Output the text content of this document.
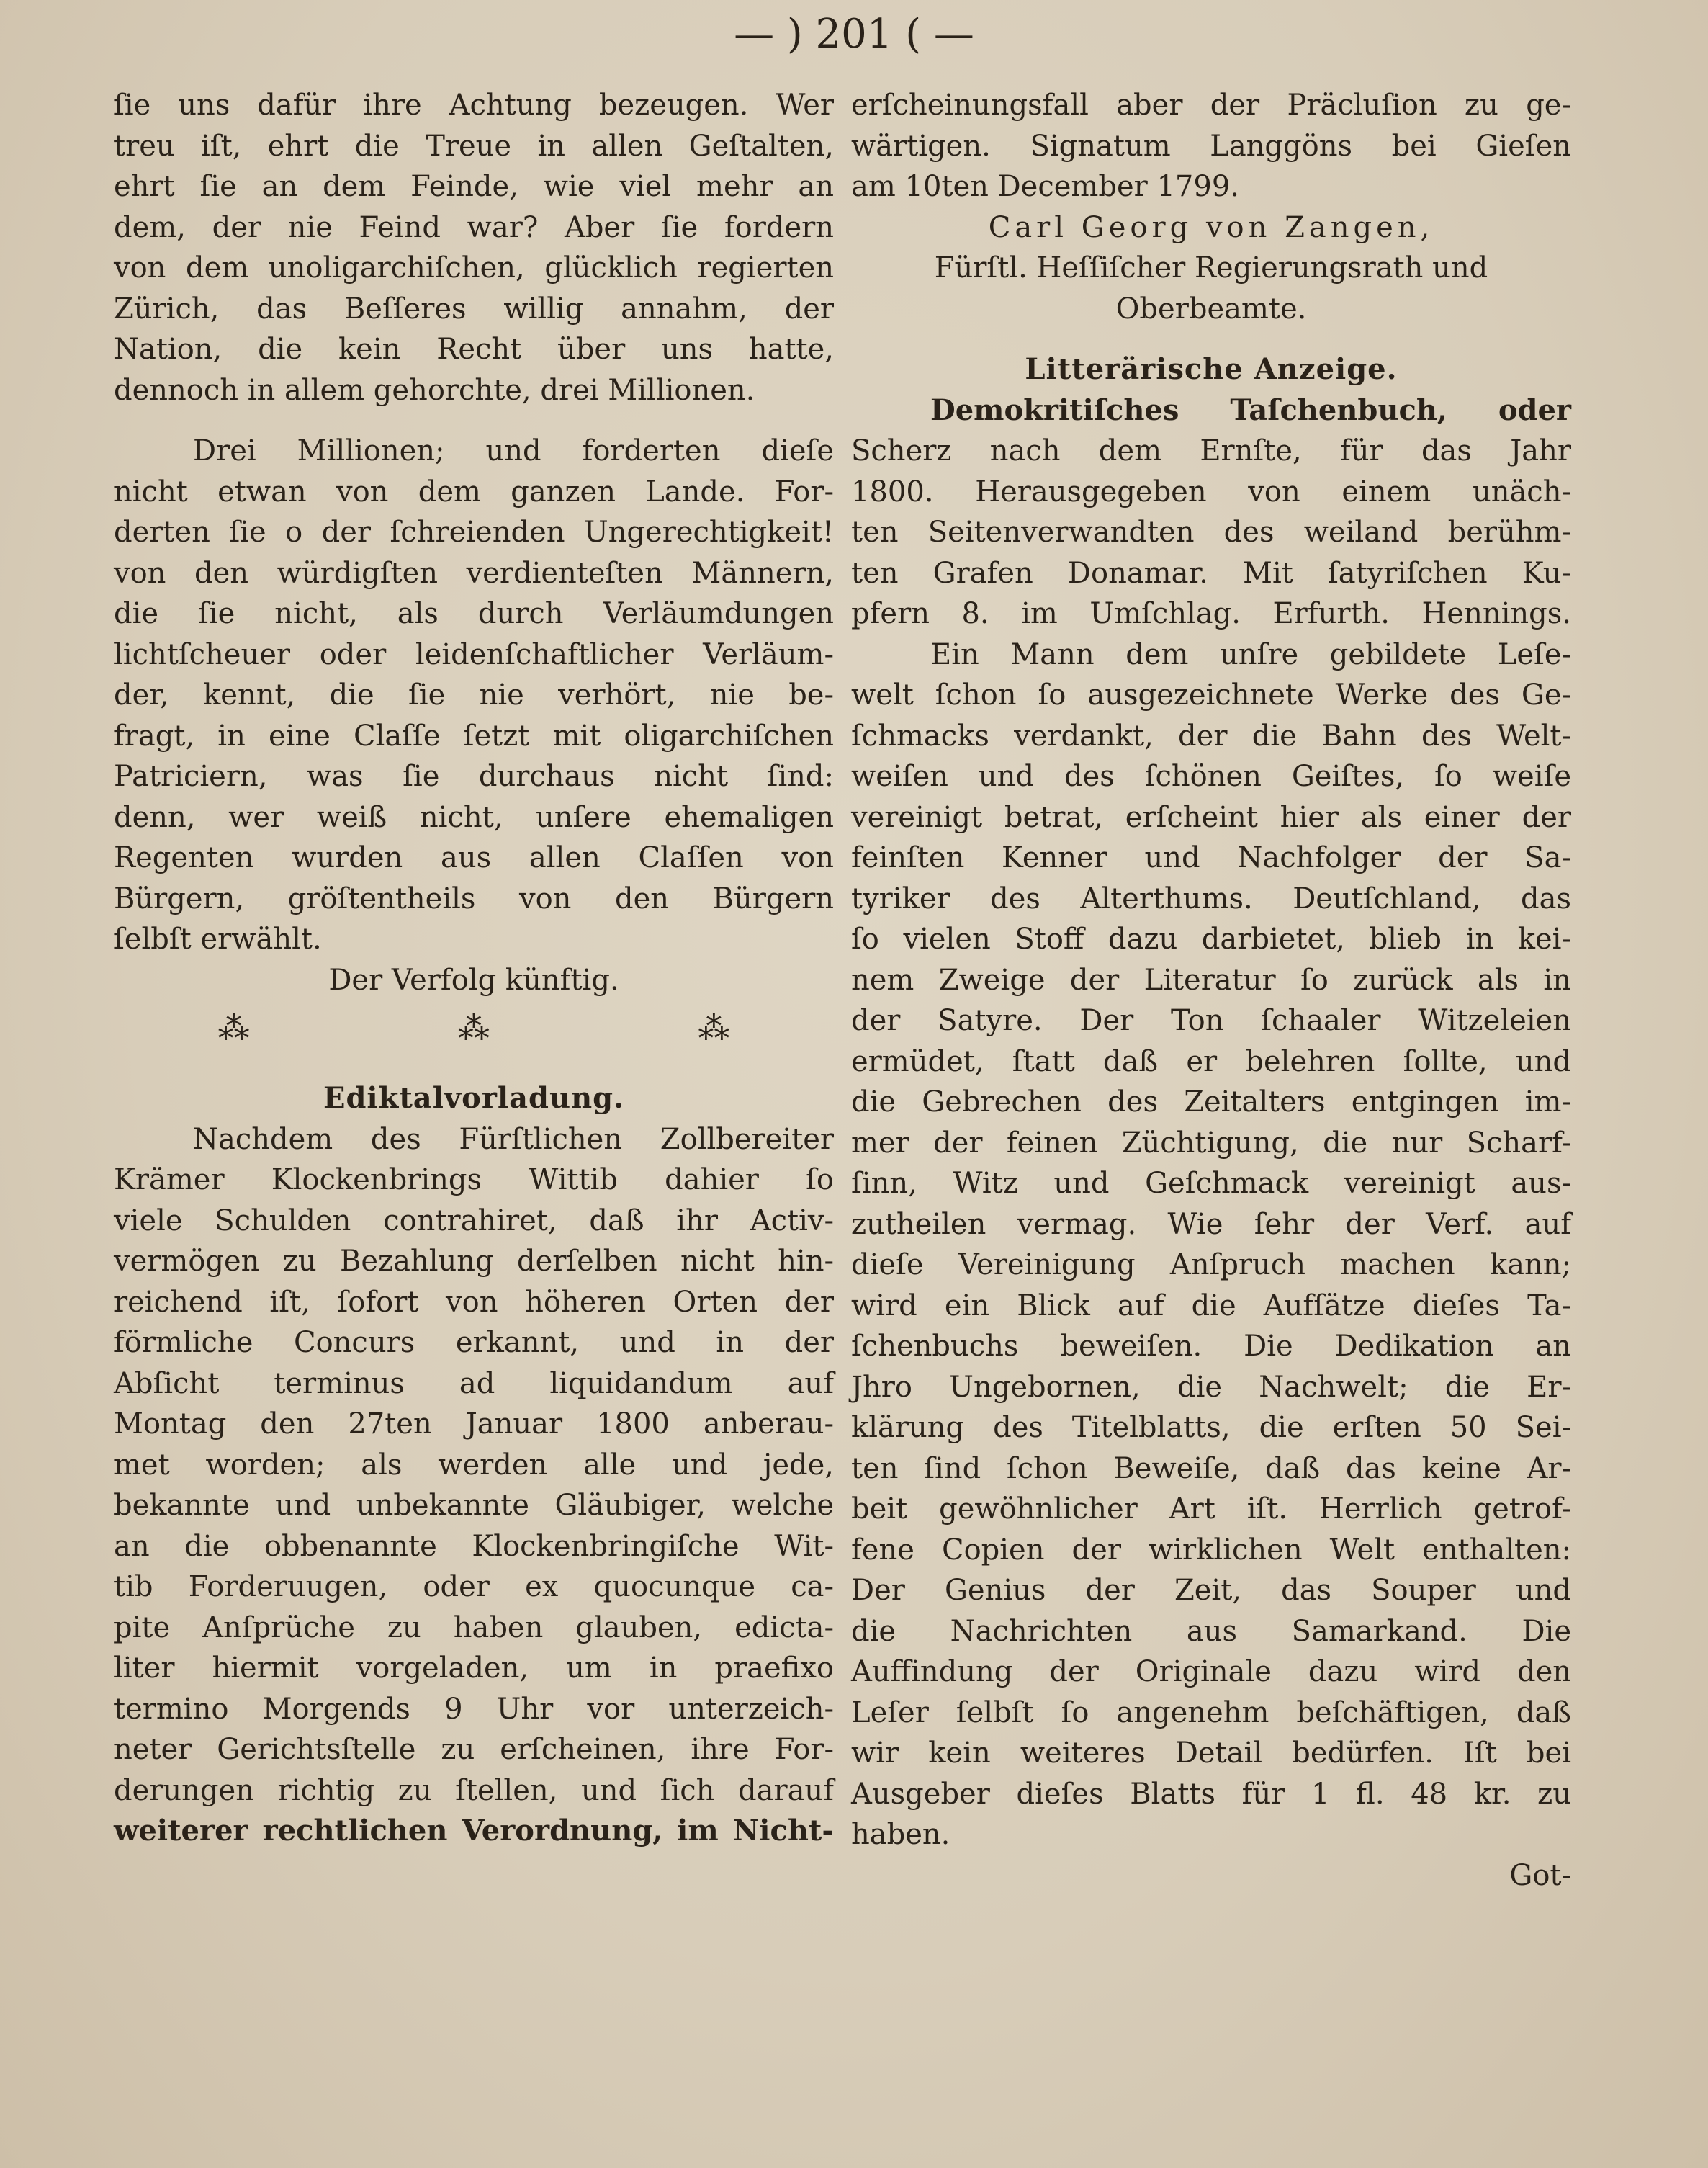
— ) 201 ( —
ſie uns dafür ihre Achtung bezeugen. Wer
treu iſt, ehrt die Treue in allen Geſtalten,
ehrt ſie an dem Feinde, wie viel mehr an
dem, der nie Feind war? Aber ſie fordern
von dem unoligarchiſchen, glücklich regierten
Zürich, das Beſſeres willig annahm, der
Nation, die kein Recht über uns hatte,
dennoch in allem gehorchte, drei Millionen.
Drei Millionen; und forderten dieſe
nicht etwan von dem ganzen Lande. For-
derten ſie o der ſchreienden Ungerechtigkeit!
von den würdigſten verdienteſten Männern,
die ſie nicht, als durch Verläumdungen
lichtſcheuer oder leidenſchaftlicher Verläum-
der, kennt, die ſie nie verhört, nie be-
fragt, in eine Claſſe ſetzt mit oligarchiſchen
Patriciern, was ſie durchaus nicht ſind:
denn, wer weiß nicht, unſere ehemaligen
Regenten wurden aus allen Claſſen von
Bürgern, gröſtentheils von den Bürgern
ſelbſt erwählt.
Der Verfolg künftig.
⁂	⁂	⁂
Ediktalvorladung.
Nachdem des Fürſtlichen Zollbereiter
Krämer Klockenbrings Wittib dahier ſo
viele Schulden contrahiret, daß ihr Activ-
vermögen zu Bezahlung derſelben nicht hin-
reichend iſt, ſofort von höheren Orten der
förmliche Concurs erkannt, und in der
Abſicht terminus ad liquidandum auf
Montag den 27ten Januar 1800 anberau-
met worden; als werden alle und jede,
bekannte und unbekannte Gläubiger, welche
an die obbenannte Klockenbringiſche Wit-
tib Forderuugen, oder ex quocunque ca-
pite Anſprüche zu haben glauben, edicta-
liter hiermit vorgeladen, um in praefixo
termino Morgends 9 Uhr vor unterzeich-
neter Gerichtsſtelle zu erſcheinen, ihre For-
derungen richtig zu ſtellen, und ſich darauf
weiterer rechtlichen Verordnung, im Nicht-
erſcheinungsfall aber der Präcluſion zu ge-
wärtigen. Signatum Langgöns bei Gieſen
am 10ten December 1799.
Carl Georg von Zangen,
Fürſtl. Heſſiſcher Regierungsrath und
Oberbeamte.
Litterärische Anzeige.
Demokritiſches Taſchenbuch, oder
Scherz nach dem Ernſte, für das Jahr
1800. Herausgegeben von einem unäch-
ten Seitenverwandten des weiland berühm-
ten Grafen Donamar. Mit ſatyriſchen Ku-
pfern 8. im Umſchlag. Erfurth. Hennings.
Ein Mann dem unſre gebildete Leſe-
welt ſchon ſo ausgezeichnete Werke des Ge-
ſchmacks verdankt, der die Bahn des Welt-
weiſen und des ſchönen Geiſtes, ſo weiſe
vereinigt betrat, erſcheint hier als einer der
feinſten Kenner und Nachfolger der Sa-
tyriker des Alterthums. Deutſchland, das
ſo vielen Stoff dazu darbietet, blieb in kei-
nem Zweige der Literatur ſo zurück als in
der Satyre. Der Ton ſchaaler Witzeleien
ermüdet, ſtatt daß er belehren ſollte, und
die Gebrechen des Zeitalters entgingen im-
mer der feinen Züchtigung, die nur Scharf-
ſinn, Witz und Geſchmack vereinigt aus-
zutheilen vermag. Wie ſehr der Verf. auf
dieſe Vereinigung Anſpruch machen kann;
wird ein Blick auf die Aufſätze dieſes Ta-
ſchenbuchs beweiſen. Die Dedikation an
Jhro Ungebornen, die Nachwelt; die Er-
klärung des Titelblatts, die erſten 50 Sei-
ten ſind ſchon Beweiſe, daß das keine Ar-
beit gewöhnlicher Art iſt. Herrlich getrof-
fene Copien der wirklichen Welt enthalten:
Der Genius der Zeit, das Souper und
die Nachrichten aus Samarkand. Die
Auffindung der Originale dazu wird den
Leſer ſelbſt ſo angenehm beſchäftigen, daß
wir kein weiteres Detail bedürfen. Iſt bei
Ausgeber dieſes Blatts für 1 fl. 48 kr. zu
haben.
Got-
